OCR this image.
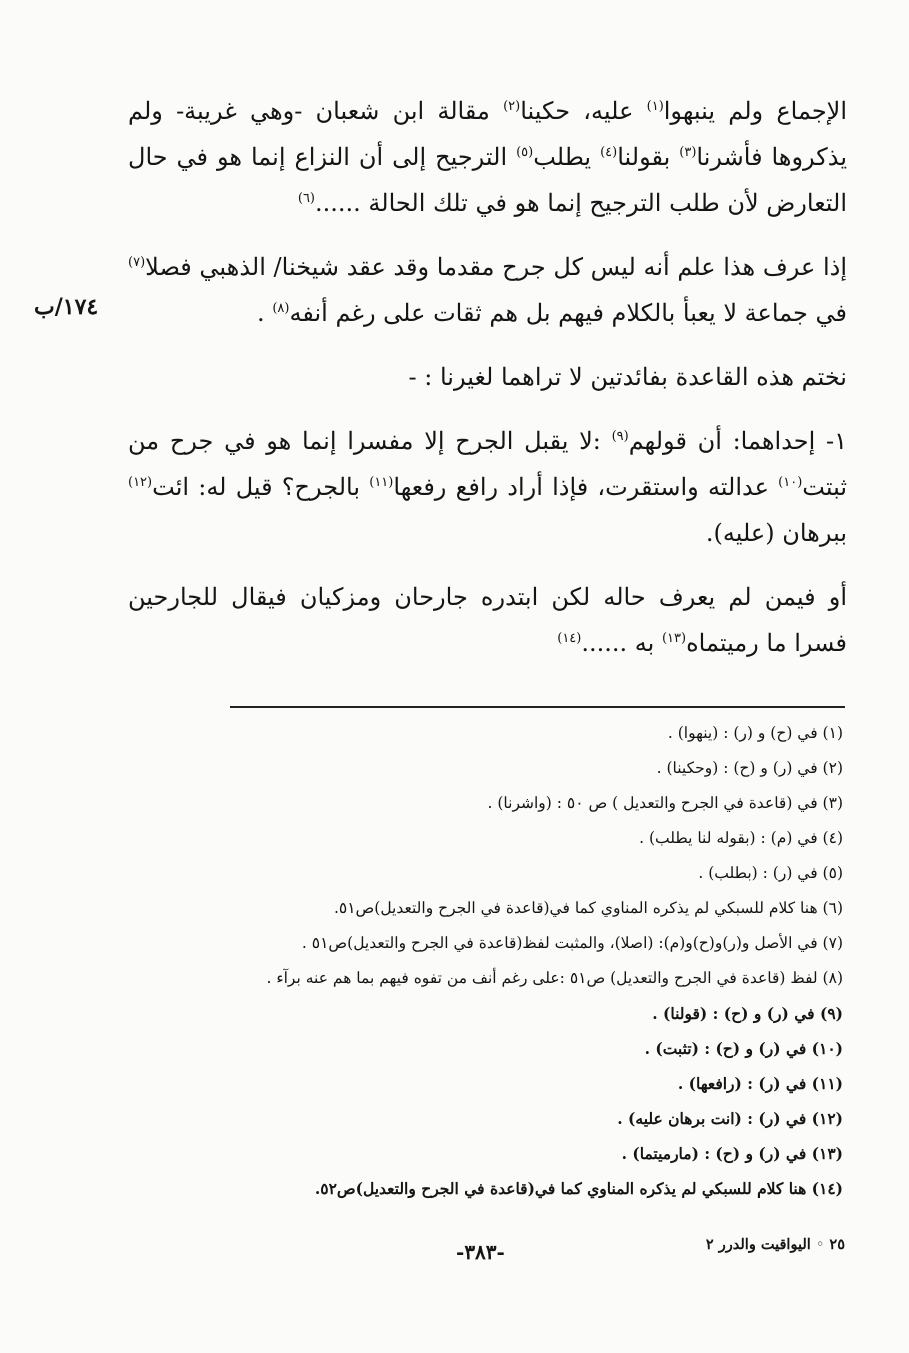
١٧٤/ب

الإجماع ولم ينبهوا$^{(١)}$ عليه، حكينا$^{(٢)}$ مقالة ابن شعبان -وهي غريبة- ولم يذكروها فأشرنا$^{(٣)}$ بقولنا$^{(٤)}$ يطلب$^{(٥)}$ الترجيح إلى أن النزاع إنما هو في حال التعارض لأن طلب الترجيح إنما هو في تلك الحالة ......$^{(٦)}$

إذا عرف هذا علم أنه ليس كل جرح مقدما وقد عقد شيخنا/ الذهبي فصلا$^{(٧)}$ في جماعة لا يعبأ بالكلام فيهم بل هم ثقات على رغم أنفه$^{(٨)}$ .

نختم هذه القاعدة بفائدتين لا تراهما لغيرنا : -

١- إحداهما: أن قولهم$^{(٩)}$ :لا يقبل الجرح إلا مفسرا إنما هو في جرح من ثبتت$^{(١٠)}$ عدالته واستقرت، فإذا أراد رافع رفعها$^{(١١)}$ بالجرح؟ قيل له: ائت$^{(١٢)}$ ببرهان (عليه).

أو فيمن لم يعرف حاله لكن ابتدره جارحان ومزكيان فيقال للجارحين فسرا ما رميتماه$^{(١٣)}$ به ......$^{(١٤)}$

(١) في (ح) و (ر) : (ينهوا) .

(٢) في (ر) و (ح) : (وحكينا) .

(٣) في (قاعدة في الجرح والتعديل ) ص ٥٠ : (واشرنا) .

(٤) في (م) : (بقوله لنا يطلب) .

(٥) في (ر) : (بطلب) .

(٦) هنا كلام للسبكي لم يذكره المناوي كما في(قاعدة في الجرح والتعديل)ص٥١.

(٧) في الأصل و(ر)و(ح)و(م): (اصلا)، والمثبت لفظ(قاعدة في الجرح والتعديل)ص٥١ .

(٨) لفظ (قاعدة في الجرح والتعديل) ص٥١ :على رغم أنف من تفوه فيهم بما هم عنه برآء .

(٩) في (ر) و (ح) : (قولنا) .

(١٠) في (ر) و (ح) : (تثبت) .

(١١) في (ر) : (رافعها) .

(١٢) في (ر) : (انت برهان عليه) .

(١٣) في (ر) و (ح) : (مارميتما) .

(١٤) هنا كلام للسبكي لم يذكره المناوي كما في(قاعدة في الجرح والتعديل)ص٥٢.

٢٥ ◦ اليواقيت والدرر ٢
-٣٨٣-
